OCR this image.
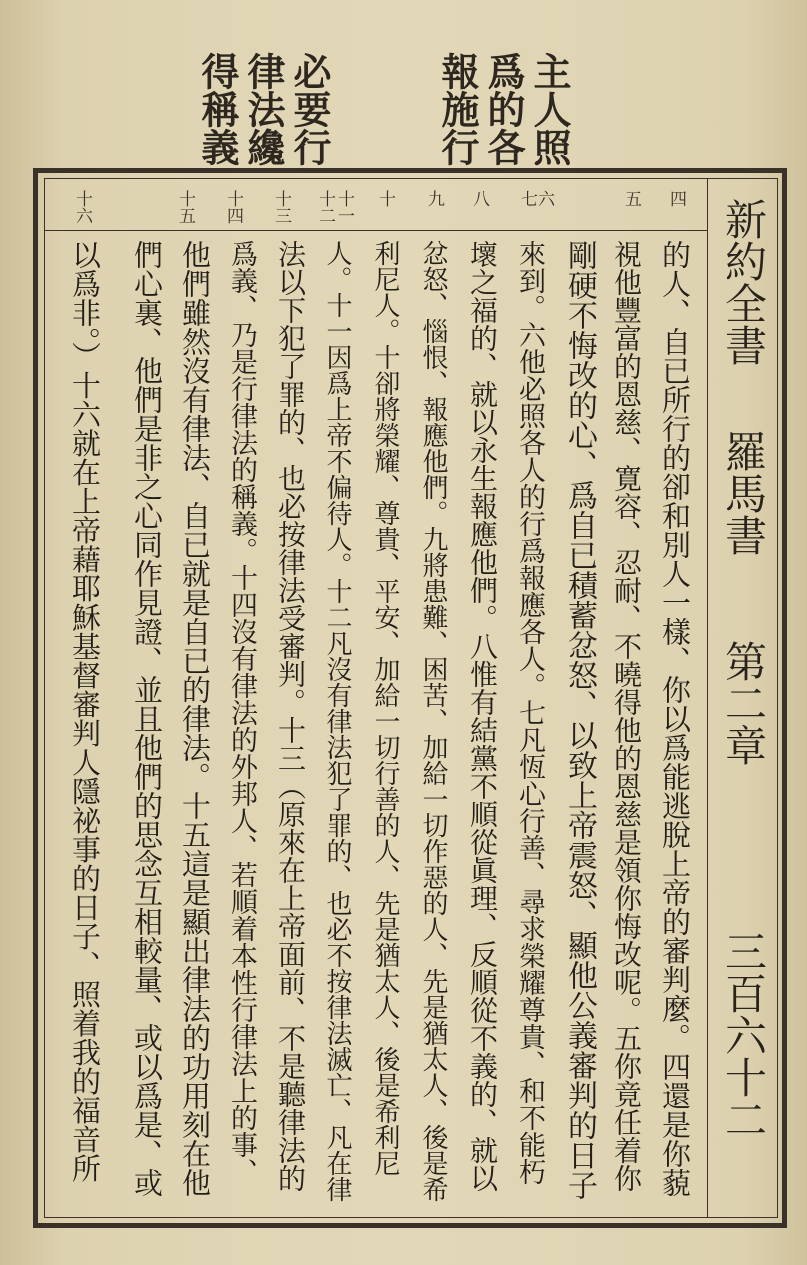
主人照
爲的各
報施行
必要行
律法纔
得稱義
四
五
六
七
八
九
十
十一
十二
十三
十四
十五
十六	新約全書
羅馬書
第二章
三百六十二
的人、自已所行的卻和別人一樣、你以爲能逃脫上帝的審判麼。四還是你藐
視他豐富的恩慈、寛容、忍耐、不曉得他的恩慈是領你悔改呢。五你竟任着你
剛硬不悔改的心、爲自已積蓄忿怒、以致上帝震怒、顯他公義審判的日子
來到。六他必照各人的行爲報應各人。七凡恆心行善、尋求榮耀尊貴、和不能朽
壞之福的、就以永生報應他們。八惟有結黨不順從眞理、反順從不義的、就以
忿怒、惱恨、報應他們。九將患難、困苦、加給一切作惡的人、先是猶太人、後是希
利尼人。十卻將榮耀、尊貴、平安、加給一切行善的人、先是猶太人、後是希利尼
人。十一因爲上帝不偏待人。十二凡沒有律法犯了罪的、也必不按律法滅亡、凡在律
法以下犯了罪的、也必按律法受審判。十三（原來在上帝面前、不是聽律法的
爲義、乃是行律法的稱義。十四沒有律法的外邦人、若順着本性行律法上的事、
他們雖然沒有律法、自已就是自已的律法。十五這是顯出律法的功用刻在他
們心裏、他們是非之心同作見證、並且他們的思念互相較量、或以爲是、或
以爲非。）十六就在上帝藉耶穌基督審判人隱祕事的日子、照着我的福音所
